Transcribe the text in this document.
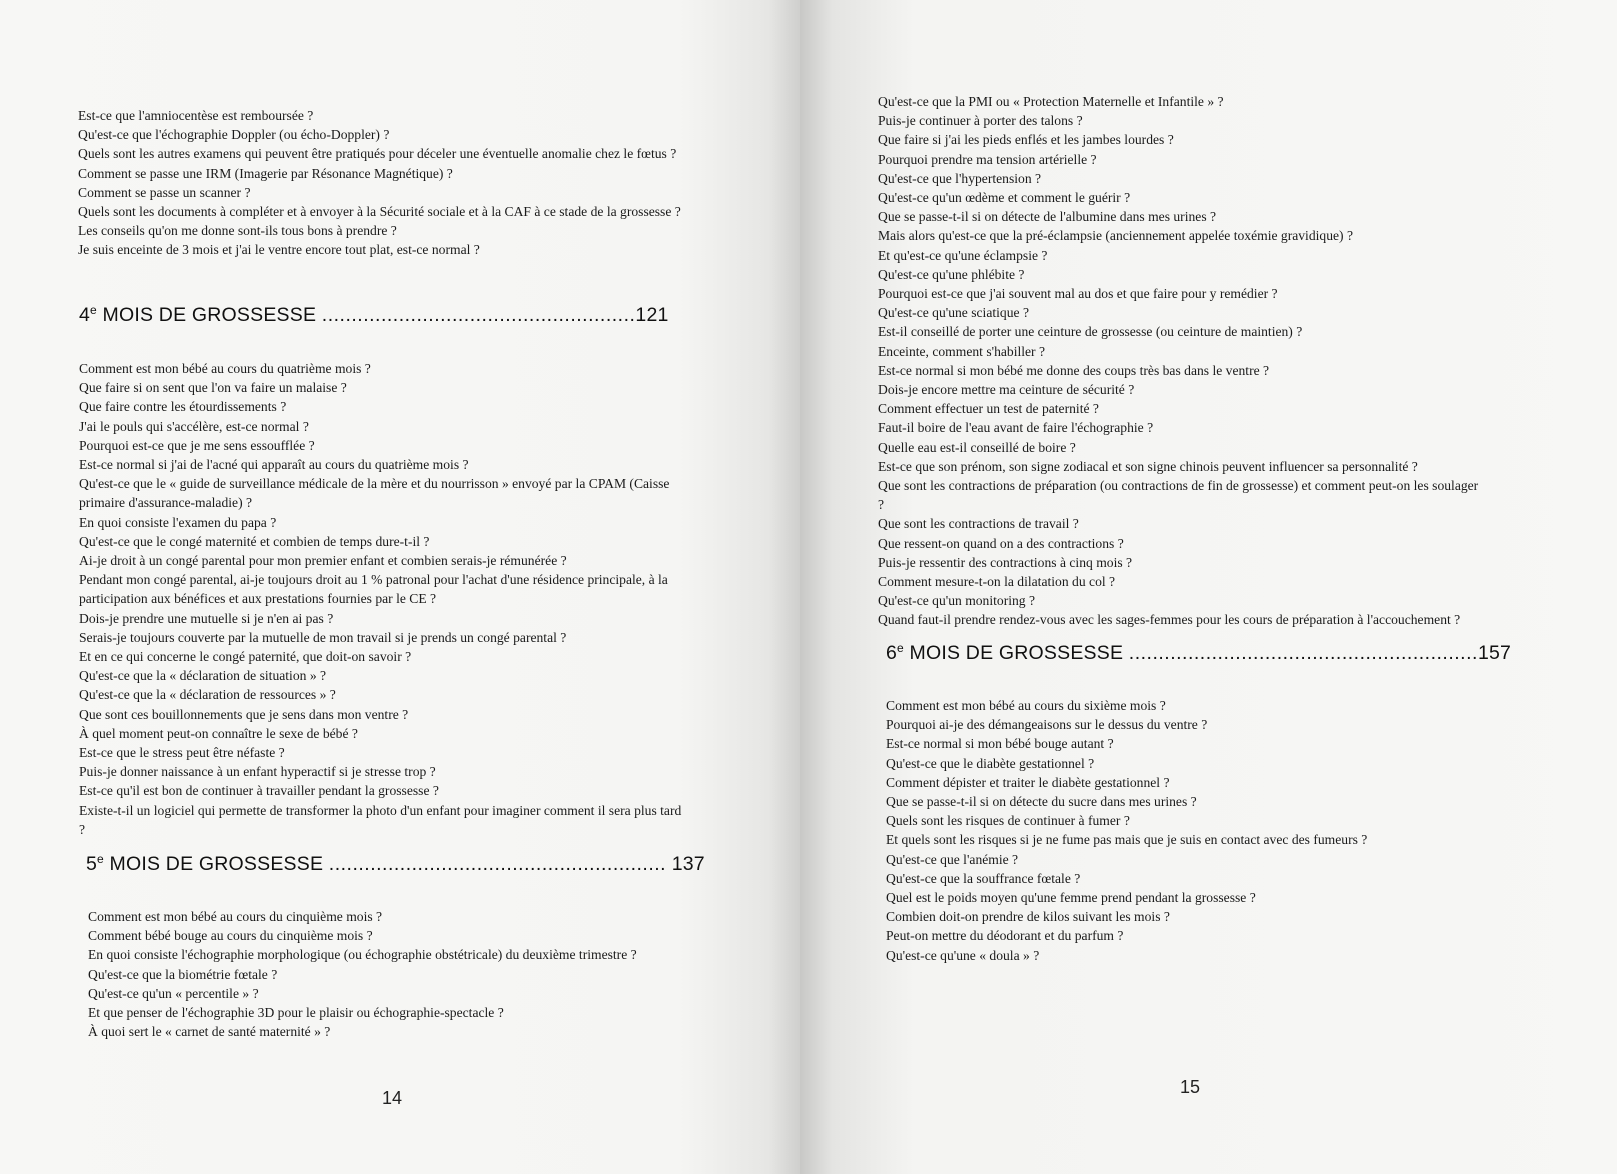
Est-ce que l'amniocentèse est remboursée ?
Qu'est-ce que l'échographie Doppler (ou écho-Doppler) ?
Quels sont les autres examens qui peuvent être pratiqués pour déceler une éventuelle anomalie chez le fœtus ?
Comment se passe une IRM (Imagerie par Résonance Magnétique) ?
Comment se passe un scanner ?
Quels sont les documents à compléter et à envoyer à la Sécurité sociale et à la CAF à ce stade de la grossesse ?
Les conseils qu'on me donne sont-ils tous bons à prendre ?
Je suis enceinte de 3 mois et j'ai le ventre encore tout plat, est-ce normal ?
4e MOIS DE GROSSESSE .....................................................121
Comment est mon bébé au cours du quatrième mois ?
Que faire si on sent que l'on va faire un malaise ?
Que faire contre les étourdissements ?
J'ai le pouls qui s'accélère, est-ce normal ?
Pourquoi est-ce que je me sens essoufflée ?
Est-ce normal si j'ai de l'acné qui apparaît au cours du quatrième mois ?
Qu'est-ce que le « guide de surveillance médicale de la mère et du nourrisson » envoyé par la CPAM (Caisse primaire d'assurance-maladie) ?
En quoi consiste l'examen du papa ?
Qu'est-ce que le congé maternité et combien de temps dure-t-il ?
Ai-je droit à un congé parental pour mon premier enfant et combien serais-je rémunérée ?
Pendant mon congé parental, ai-je toujours droit au 1 % patronal pour l'achat d'une résidence principale, à la participation aux bénéfices et aux prestations fournies par le CE ?
Dois-je prendre une mutuelle si je n'en ai pas ?
Serais-je toujours couverte par la mutuelle de mon travail si je prends un congé parental ?
Et en ce qui concerne le congé paternité, que doit-on savoir ?
Qu'est-ce que la « déclaration de situation » ?
Qu'est-ce que la « déclaration de ressources » ?
Que sont ces bouillonnements que je sens dans mon ventre ?
À quel moment peut-on connaître le sexe de bébé ?
Est-ce que le stress peut être néfaste ?
Puis-je donner naissance à un enfant hyperactif si je stresse trop ?
Est-ce qu'il est bon de continuer à travailler pendant la grossesse ?
Existe-t-il un logiciel qui permette de transformer la photo d'un enfant pour imaginer comment il sera plus tard ?
5e MOIS DE GROSSESSE ......................................................... 137
Comment est mon bébé au cours du cinquième mois ?
Comment bébé bouge au cours du cinquième mois ?
En quoi consiste l'échographie morphologique (ou échographie obstétricale) du deuxième trimestre ?
Qu'est-ce que la biométrie fœtale ?
Qu'est-ce qu'un « percentile » ?
Et que penser de l'échographie 3D pour le plaisir ou échographie-spectacle ?
À quoi sert le « carnet de santé maternité » ?
14
Qu'est-ce que la PMI ou « Protection Maternelle et Infantile » ?
Puis-je continuer à porter des talons ?
Que faire si j'ai les pieds enflés et les jambes lourdes ?
Pourquoi prendre ma tension artérielle ?
Qu'est-ce que l'hypertension ?
Qu'est-ce qu'un œdème et comment le guérir ?
Que se passe-t-il si on détecte de l'albumine dans mes urines ?
Mais alors qu'est-ce que la pré-éclampsie (anciennement appelée toxémie gravidique) ?
Et qu'est-ce qu'une éclampsie ?
Qu'est-ce qu'une phlébite ?
Pourquoi est-ce que j'ai souvent mal au dos et que faire pour y remédier ?
Qu'est-ce qu'une sciatique ?
Est-il conseillé de porter une ceinture de grossesse (ou ceinture de maintien) ?
Enceinte, comment s'habiller ?
Est-ce normal si mon bébé me donne des coups très bas dans le ventre ?
Dois-je encore mettre ma ceinture de sécurité ?
Comment effectuer un test de paternité ?
Faut-il boire de l'eau avant de faire l'échographie ?
Quelle eau est-il conseillé de boire ?
Est-ce que son prénom, son signe zodiacal et son signe chinois peuvent influencer sa personnalité ?
Que sont les contractions de préparation (ou contractions de fin de grossesse) et comment peut-on les soulager ?
Que sont les contractions de travail ?
Que ressent-on quand on a des contractions ?
Puis-je ressentir des contractions à cinq mois ?
Comment mesure-t-on la dilatation du col ?
Qu'est-ce qu'un monitoring ?
Quand faut-il prendre rendez-vous avec les sages-femmes pour les cours de préparation à l'accouchement ?
6e MOIS DE GROSSESSE ...........................................................157
Comment est mon bébé au cours du sixième mois ?
Pourquoi ai-je des démangeaisons sur le dessus du ventre ?
Est-ce normal si mon bébé bouge autant ?
Qu'est-ce que le diabète gestationnel ?
Comment dépister et traiter le diabète gestationnel ?
Que se passe-t-il si on détecte du sucre dans mes urines ?
Quels sont les risques de continuer à fumer ?
Et quels sont les risques si je ne fume pas mais que je suis en contact avec des fumeurs ?
Qu'est-ce que l'anémie ?
Qu'est-ce que la souffrance fœtale ?
Quel est le poids moyen qu'une femme prend pendant la grossesse ?
Combien doit-on prendre de kilos suivant les mois ?
Peut-on mettre du déodorant et du parfum ?
Qu'est-ce qu'une « doula » ?
15
